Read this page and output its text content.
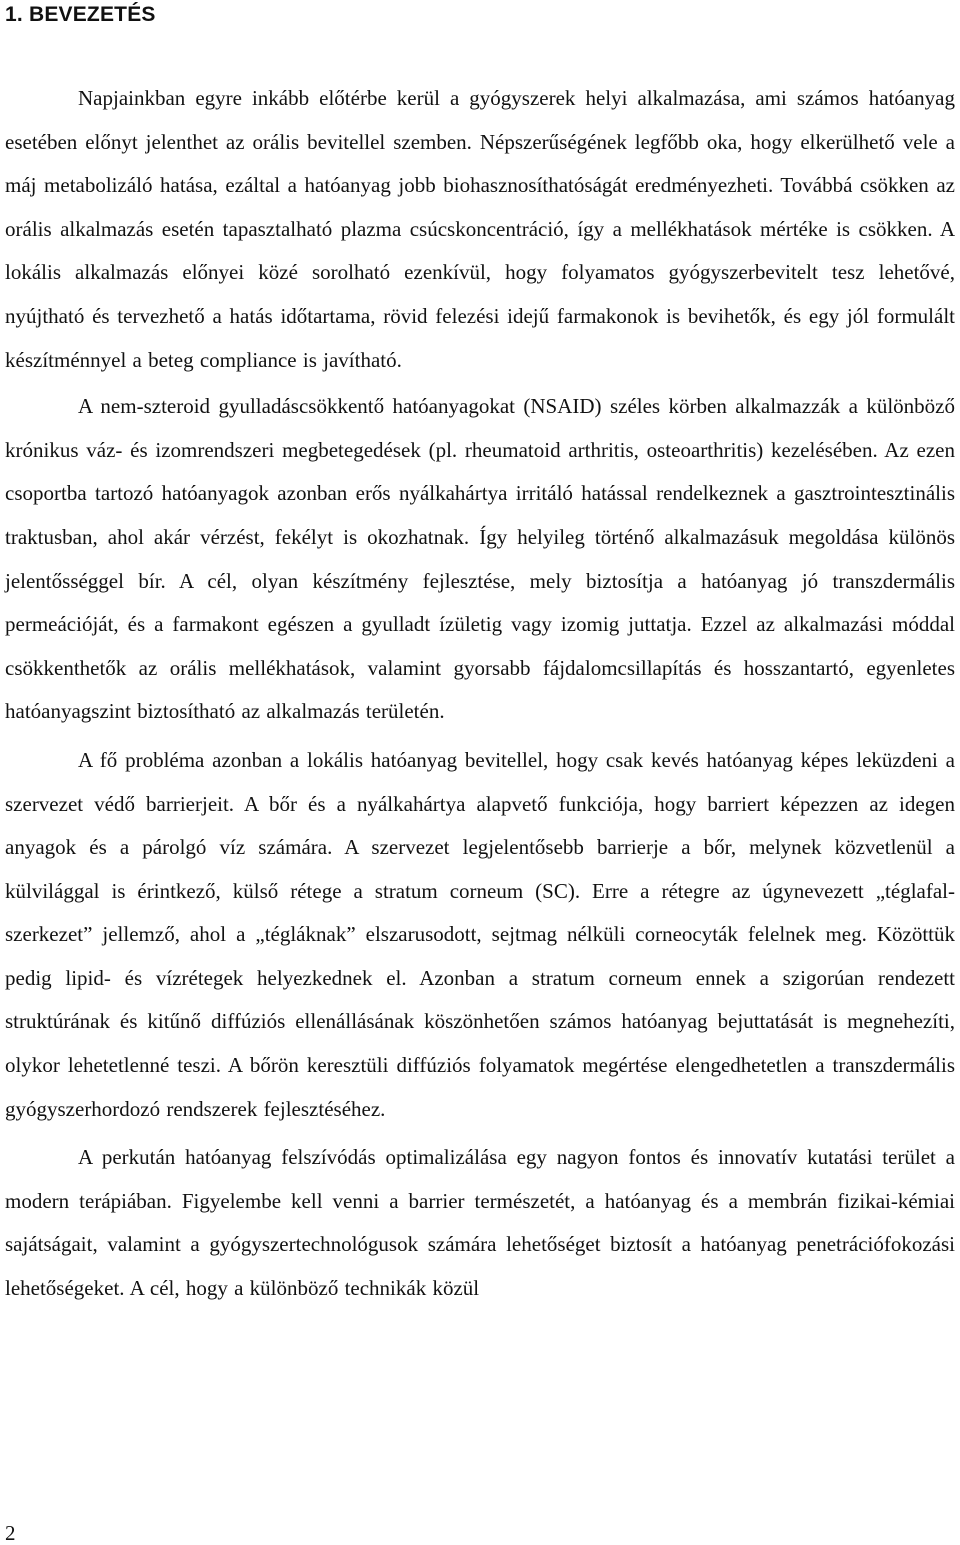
1. BEVEZETÉS

Napjainkban egyre inkább előtérbe kerül a gyógyszerek helyi alkalmazása, ami számos hatóanyag esetében előnyt jelenthet az orális bevitellel szemben. Népszerűségének legfőbb oka, hogy elkerülhető vele a máj metabolizáló hatása, ezáltal a hatóanyag jobb biohasznosíthatóságát eredményezheti. Továbbá csökken az orális alkalmazás esetén tapasztalható plazma csúcskoncentráció, így a mellékhatások mértéke is csökken. A lokális alkalmazás előnyei közé sorolható ezenkívül, hogy folyamatos gyógyszerbevitelt tesz lehetővé, nyújtható és tervezhető a hatás időtartama, rövid felezési idejű farmakonok is bevihetők, és egy jól formulált készítménnyel a beteg compliance is javítható.

A nem-szteroid gyulladáscsökkentő hatóanyagokat (NSAID) széles körben alkalmazzák a különböző krónikus váz- és izomrendszeri megbetegedések (pl. rheumatoid arthritis, osteoarthritis) kezelésében. Az ezen csoportba tartozó hatóanyagok azonban erős nyálkahártya irritáló hatással rendelkeznek a gasztrointesztinális traktusban, ahol akár vérzést, fekélyt is okozhatnak. Így helyileg történő alkalmazásuk megoldása különös jelentősséggel bír. A cél, olyan készítmény fejlesztése, mely biztosítja a hatóanyag jó transzdermális permeációját, és a farmakont egészen a gyulladt ízületig vagy izomig juttatja. Ezzel az alkalmazási móddal csökkenthetők az orális mellékhatások, valamint gyorsabb fájdalomcsillapítás és hosszantartó, egyenletes hatóanyagszint biztosítható az alkalmazás területén.

A fő probléma azonban a lokális hatóanyag bevitellel, hogy csak kevés hatóanyag képes leküzdeni a szervezet védő barrierjeit. A bőr és a nyálkahártya alapvető funkciója, hogy barriert képezzen az idegen anyagok és a párolgó víz számára. A szervezet legjelentősebb barrierje a bőr, melynek közvetlenül a külvilággal is érintkező, külső rétege a stratum corneum (SC). Erre a rétegre az úgynevezett „téglafal-szerkezet” jellemző, ahol a „tégláknak” elszarusodott, sejtmag nélküli corneocyták felelnek meg. Közöttük pedig lipid- és vízrétegek helyezkednek el. Azonban a stratum corneum ennek a szigorúan rendezett struktúrának és kitűnő diffúziós ellenállásának köszönhetően számos hatóanyag bejuttatását is megnehezíti, olykor lehetetlenné teszi. A bőrön keresztüli diffúziós folyamatok megértése elengedhetetlen a transzdermális gyógyszerhordozó rendszerek fejlesztéséhez.

A perkután hatóanyag felszívódás optimalizálása egy nagyon fontos és innovatív kutatási terület a modern terápiában. Figyelembe kell venni a barrier természetét, a hatóanyag és a membrán fizikai-kémiai sajátságait, valamint a gyógyszertechnológusok számára lehetőséget biztosít a hatóanyag penetrációfokozási lehetőségeket. A cél, hogy a különböző technikák közül

2
